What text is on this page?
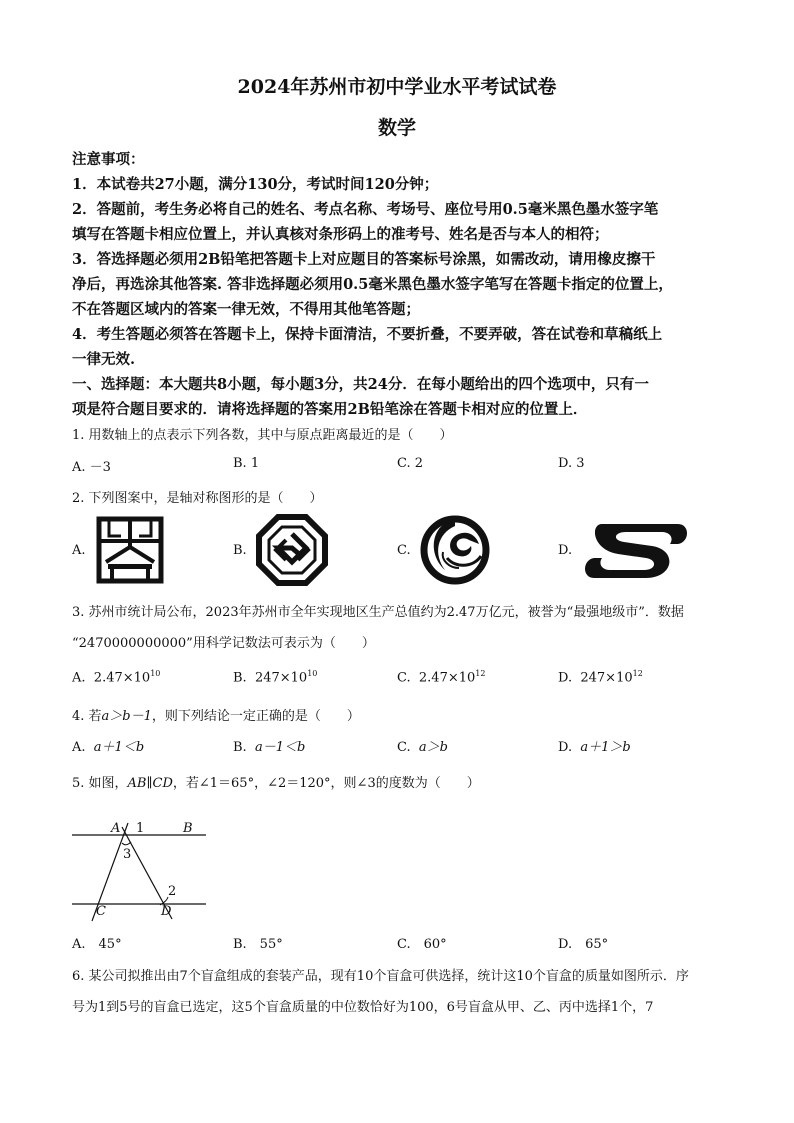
2024年苏州市初中学业水平考试试卷
数学
注意事项：
1．本试卷共27小题，满分130分，考试时间120分钟；
2．答题前，考生务必将自己的姓名、考点名称、考场号、座位号用0.5毫米黑色墨水签字笔
填写在答题卡相应位置上，并认真核对条形码上的准考号、姓名是否与本人的相符；
3．答选择题必须用2B铅笔把答题卡上对应题目的答案标号涂黑，如需改动，请用橡皮擦干
净后，再选涂其他答案. 答非选择题必须用0.5毫米黑色墨水签字笔写在答题卡指定的位置上，
不在答题区域内的答案一律无效，不得用其他笔答题；
4．考生答题必须答在答题卡上，保持卡面清洁，不要折叠，不要弄破，答在试卷和草稿纸上
一律无效.
一、选择题：本大题共8小题，每小题3分，共24分．在每小题给出的四个选项中，只有一
项是符合题目要求的．请将选择题的答案用2B铅笔涂在答题卡相对应的位置上．
1. 用数轴上的点表示下列各数，其中与原点距离最近的是（　　）
A. －3	B. 1	C. 2	D. 3
2. 下列图案中，是轴对称图形的是（　　）
A.	B.	C.	D.
3. 苏州市统计局公布，2023年苏州市全年实现地区生产总值约为2.47万亿元，被誉为“最强地级市”．数据
“2470000000000”用科学记数法可表示为（　　）
A. $2.47\times 10^{10}$	B. $247\times 10^{10}$	C. $2.47\times 10^{12}$	D. $247\times 10^{12}$
4. 若a＞b－1，则下列结论一定正确的是（　　）
A. a＋1＜b	B. a－1＜b	C. a＞b	D. a＋1＞b
5. 如图，AB∥CD，若∠1＝65°，∠2＝120°，则∠3的度数为（　　）
A 1	B
3
2
C	D
A.　45°	B.　55°	C.　60°	D.　65°
6. 某公司拟推出由7个盲盒组成的套装产品，现有10个盲盒可供选择，统计这10个盲盒的质量如图所示．序
号为1到5号的盲盒已选定，这5个盲盒质量的中位数恰好为100，6号盲盒从甲、乙、丙中选择1个，7
